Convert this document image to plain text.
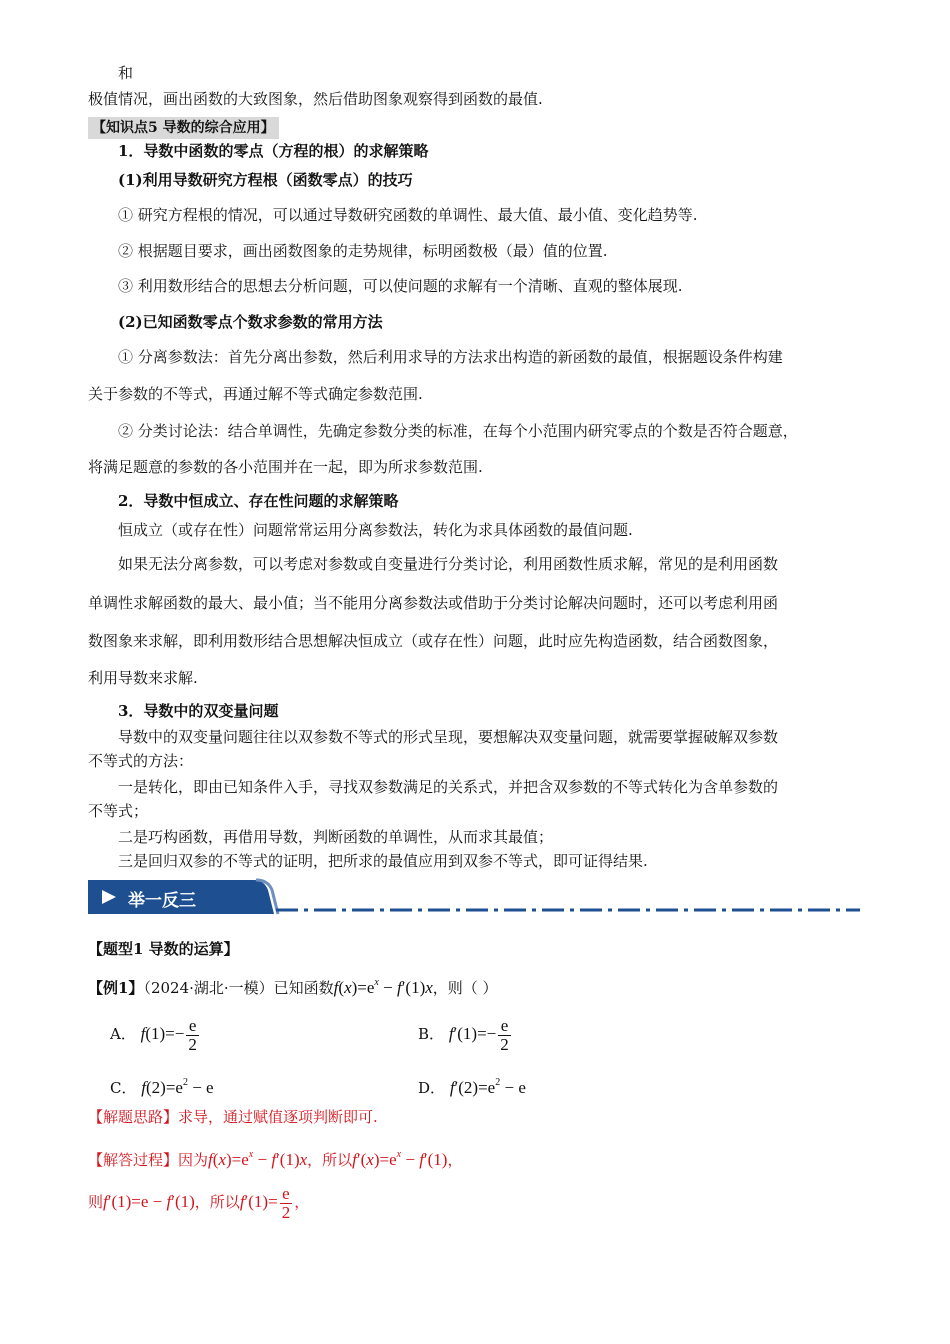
和
极值情况，画出函数的大致图象，然后借助图象观察得到函数的最值.
【知识点5 导数的综合应用】
1．导数中函数的零点（方程的根）的求解策略
(1)利用导数研究方程根（函数零点）的技巧
① 研究方程根的情况，可以通过导数研究函数的单调性、最大值、最小值、变化趋势等.
② 根据题目要求，画出函数图象的走势规律，标明函数极（最）值的位置.
③ 利用数形结合的思想去分析问题，可以使问题的求解有一个清晰、直观的整体展现.
(2)已知函数零点个数求参数的常用方法
① 分离参数法：首先分离出参数，然后利用求导的方法求出构造的新函数的最值，根据题设条件构建
关于参数的不等式，再通过解不等式确定参数范围.
② 分类讨论法：结合单调性，先确定参数分类的标准，在每个小范围内研究零点的个数是否符合题意，
将满足题意的参数的各小范围并在一起，即为所求参数范围.
2．导数中恒成立、存在性问题的求解策略
恒成立（或存在性）问题常常运用分离参数法，转化为求具体函数的最值问题.
如果无法分离参数，可以考虑对参数或自变量进行分类讨论，利用函数性质求解，常见的是利用函数
单调性求解函数的最大、最小值；当不能用分离参数法或借助于分类讨论解决问题时，还可以考虑利用函
数图象来求解，即利用数形结合思想解决恒成立（或存在性）问题，此时应先构造函数，结合函数图象，
利用导数来求解.
3．导数中的双变量问题
导数中的双变量问题往往以双参数不等式的形式呈现，要想解决双变量问题，就需要掌握破解双参数
不等式的方法：
一是转化，即由已知条件入手，寻找双参数满足的关系式，并把含双参数的不等式转化为含单参数的
不等式；
二是巧构函数，再借用导数，判断函数的单调性，从而求其最值；
三是回归双参的不等式的证明，把所求的最值应用到双参不等式，即可证得结果.
举一反三
【题型1 导数的运算】
【例1】（2024·湖北·一模）已知函数$f(x)=e^x - f'(1)x$，则（ ）
A． $f(1)=- \frac{e}{2}$	B． $f'(1)=- \frac{e}{2}$
C． $f(2)=e^2 - e$	D． $f'(2)=e^2 - e$
【解题思路】求导，通过赋值逐项判断即可.
【解答过程】因为$f(x)=e^x - f'(1)x$，所以$f'(x)=e^x - f'(1)$，
则f′(1)=e − f′(1)，所以$f'(1)= \frac{e}{2}$ ，
